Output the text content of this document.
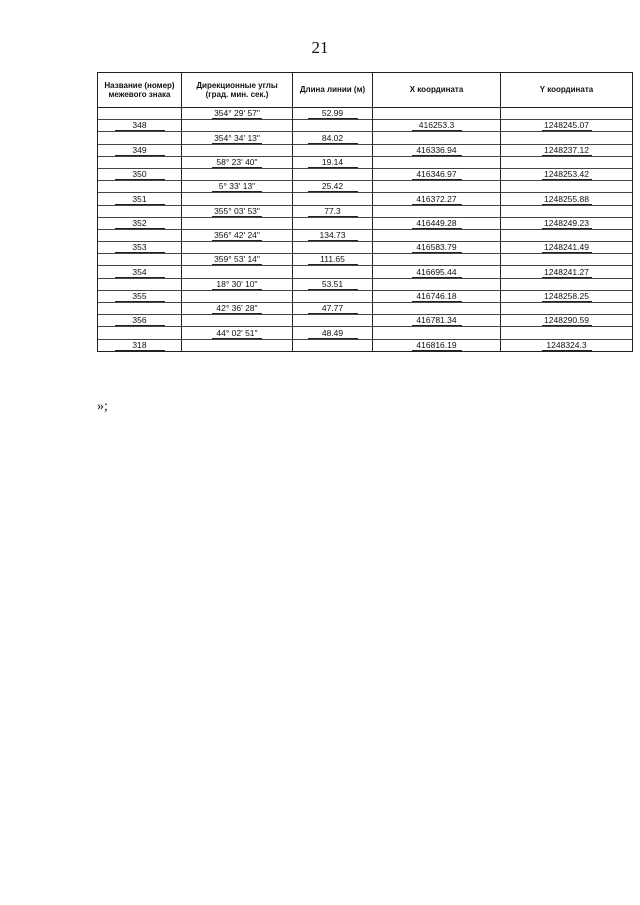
21
Название (номер) межевого знака	Дирекционные углы (град. мин. сек.)	Длина линии (м)	X координата	Y координата
	354° 29' 57"	52.99		
348			416253.3	1248245.07
	354° 34' 13"	84.02		
349			416336.94	1248237.12
	58° 23' 40"	19.14		
350			416346.97	1248253.42
	5° 33' 13"	25.42		
351			416372.27	1248255.88
	355° 03' 53"	77.3		
352			416449.28	1248249.23
	356° 42' 24"	134.73		
353			416583.79	1248241.49
	359° 53' 14"	111.65		
354			416695.44	1248241.27
	18° 30' 10"	53.51		
355			416746.18	1248258.25
	42° 36' 28"	47.77		
356			416781.34	1248290.59
	44° 02' 51"	48.49		
318			416816.19	1248324.3
»;
